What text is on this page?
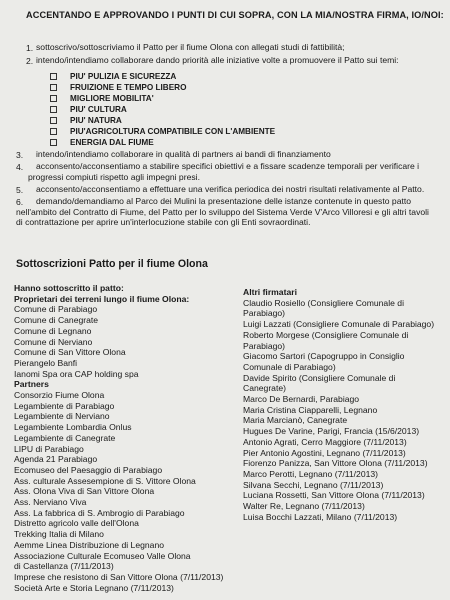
ACCENTANDO E APPROVANDO I PUNTI DI CUI SOPRA, CON LA MIA/NOSTRA FIRMA, IO/NOI:
1. sottoscrivo/sottoscriviamo il Patto per il fiume Olona con allegati studi di fattibilità;
2. intendo/intendiamo collaborare dando priorità alle iniziative volte a promuovere il Patto sui temi:
PIU' PULIZIA E SICUREZZA
FRUIZIONE E TEMPO LIBERO
MIGLIORE MOBILITA'
PIU' CULTURA
PIU' NATURA
PIU'AGRICOLTURA COMPATIBILE CON L'AMBIENTE
ENERGIA DAL FIUME
3. intendo/intendiamo collaborare in qualità di partners ai bandi di finanziamento
4. acconsento/acconsentiamo a stabilire specifici obiettivi e a fissare scadenze temporali per verificare i
progressi compiuti rispetto agli impegni presi.
5. acconsento/acconsentiamo a effettuare una verifica periodica dei nostri risultati relativamente al Patto.
6. demando/demandiamo al Parco dei Mulini la presentazione delle istanze contenute in questo patto
nell'ambito del Contratto di Fiume, del Patto per lo sviluppo del Sistema Verde V'Arco Villoresi e gli altri tavoli
di contrattazione per aprire un'interlocuzione stabile con gli Enti sovraordinati.
Sottoscrizioni Patto per il fiume Olona
Hanno sottoscritto il patto:
Proprietari dei terreni lungo il fiume Olona:
Comune di Parabiago
Comune di Canegrate
Comune di Legnano
Comune di Nerviano
Comune di San Vittore Olona
Pierangelo Banfi
Ianomi Spa ora CAP holding spa
Partners
Consorzio Fiume Olona
Legambiente di Parabiago
Legambiente di Nerviano
Legambiente Lombardia Onlus
Legambiente di Canegrate
LIPU di Parabiago
Agenda 21 Parabiago
Ecomuseo del Paesaggio di Parabiago
Ass. culturale Assesempione di S. Vittore Olona
Ass. Olona Viva di San Vittore Olona
Ass. Nerviano Viva
Ass. La fabbrica di S. Ambrogio di Parabiago
Distretto agricolo valle dell'Olona
Trekking Italia di Milano
Aemme Linea Distribuzione di Legnano
Associazione Culturale Ecomuseo Valle Olona
di Castellanza (7/11/2013)
Imprese che resistono di San Vittore Olona (7/11/2013)
Società Arte e Storia Legnano (7/11/2013)
Altri firmatari
Claudio Rosiello (Consigliere Comunale di
Parabiago)
Luigi Lazzati (Consigliere Comunale di Parabiago)
Roberto Morgese (Consigliere Comunale di
Parabiago)
Giacomo Sartori (Capogruppo in Consiglio
Comunale di Parabiago)
Davide Spirito (Consigliere Comunale di
Canegrate)
Marco De Bernardi, Parabiago
Maria Cristina Ciapparelli, Legnano
Maria Marcianò, Canegrate
Hugues De Varine, Parigi, Francia (15/6/2013)
Antonio Agrati, Cerro Maggiore (7/11/2013)
Pier Antonio Agostini, Legnano (7/11/2013)
Fiorenzo Panizza, San Vittore Olona (7/11/2013)
Marco Perotti, Legnano (7/11/2013)
Silvana Secchi, Legnano (7/11/2013)
Luciana Rossetti, San Vittore Olona (7/11/2013)
Walter Re, Legnano (7/11/2013)
Luisa Bocchi Lazzati, Milano (7/11/2013)
